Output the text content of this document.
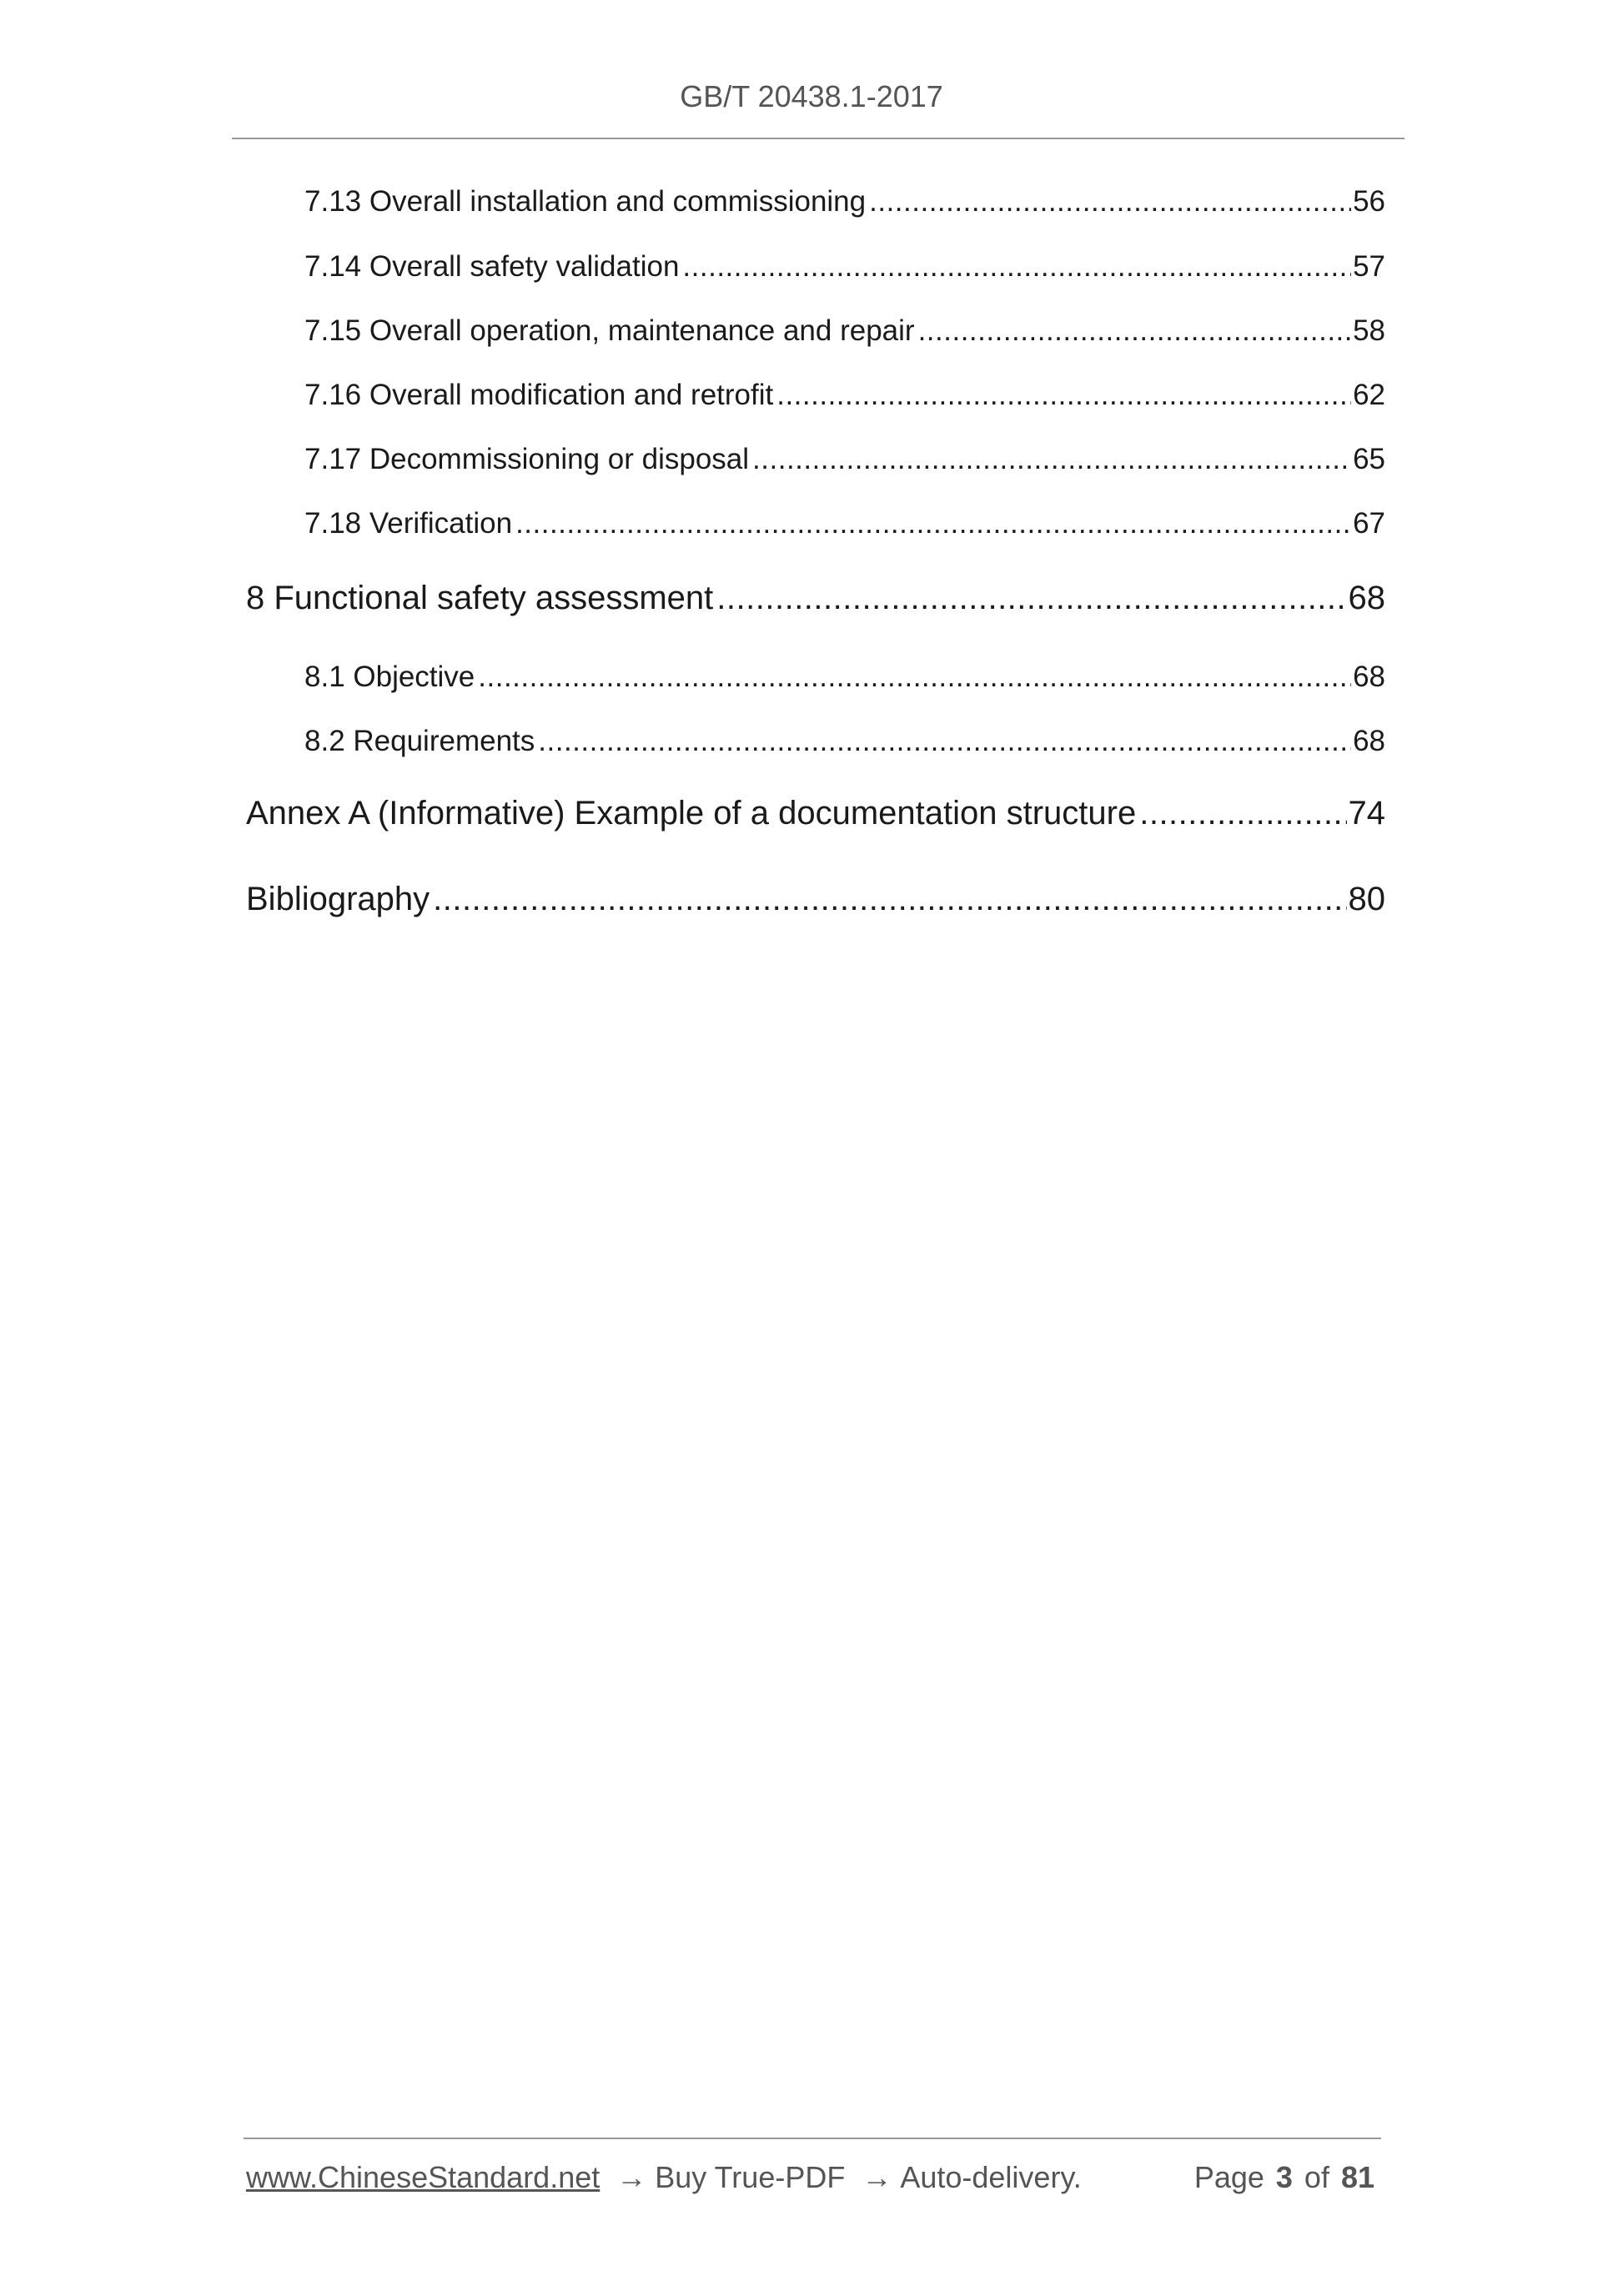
GB/T 20438.1-2017
7.13 Overall installation and commissioning .....	56
7.14 Overall safety validation .....	57
7.15 Overall operation, maintenance and repair .....	58
7.16 Overall modification and retrofit .....	62
7.17 Decommissioning or disposal .....	65
7.18 Verification .....	67
8 Functional safety assessment .....	68
8.1 Objective .....	68
8.2 Requirements .....	68
Annex A (Informative) Example of a documentation structure .....	74
Bibliography .....	80
www.ChineseStandard.net → Buy True-PDF → Auto-delivery.	Page 3 of 81
